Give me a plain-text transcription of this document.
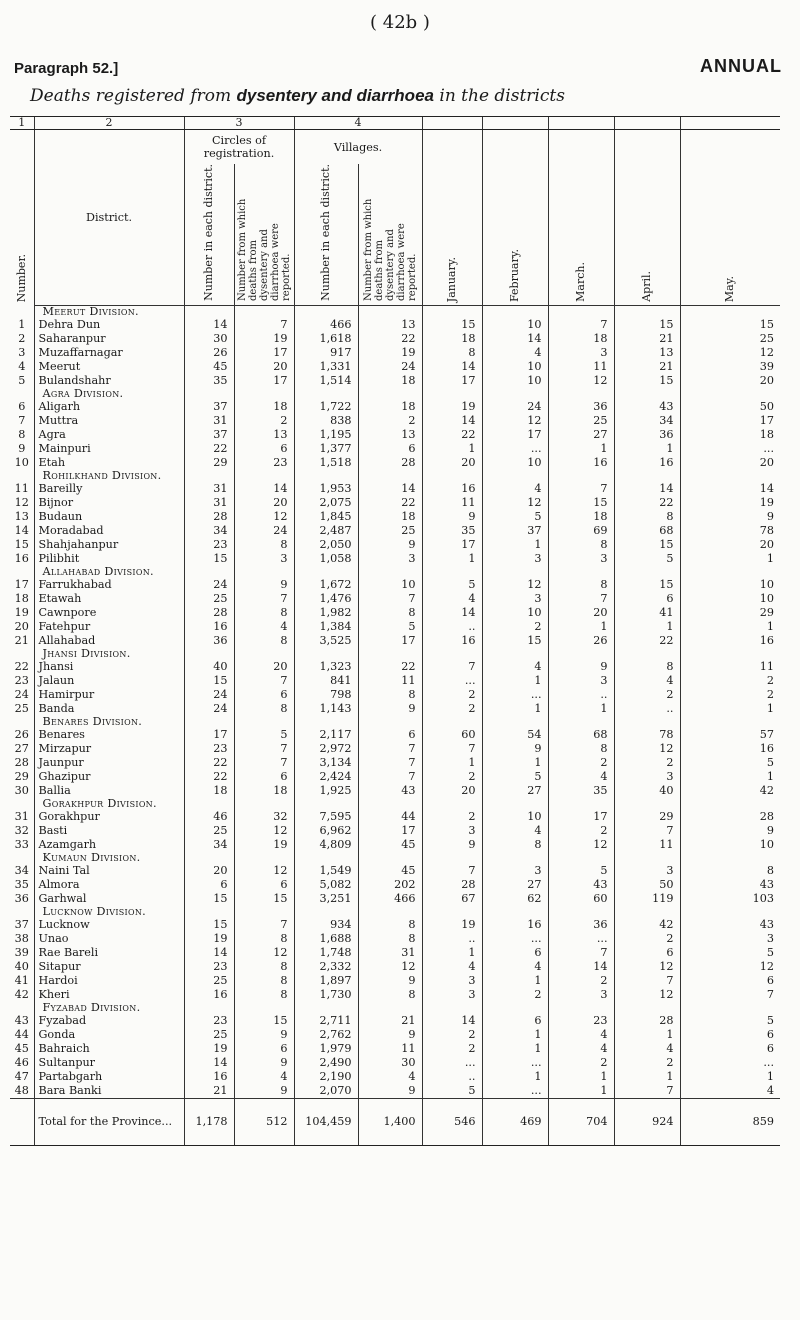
( 42b )
Paragraph 52.]	ANNUAL
Deaths registered from dysentery and diarrhoea in the districts
1	2	3		4						
Number.	District.	Circles of registration.		Villages.		January.	February.	March.	April.	May.
		Number in each district.	Number from which deaths from dysentery and diarrhoea were reported.	Number in each district.	Number from which deaths from dysentery and diarrhoea were reported.					
	Meerut Division.									
1	Dehra Dun	14	7	466	13	15	10	7	15	15
2	Saharanpur	30	19	1,618	22	18	14	18	21	25
3	Muzaffarnagar	26	17	917	19	8	4	3	13	12
4	Meerut	45	20	1,331	24	14	10	11	21	39
5	Bulandshahr	35	17	1,514	18	17	10	12	15	20
	Agra Division.									
6	Aligarh	37	18	1,722	18	19	24	36	43	50
7	Muttra	31	2	838	2	14	12	25	34	17
8	Agra	37	13	1,195	13	22	17	27	36	18
9	Mainpuri	22	6	1,377	6	1	...	1	1	...
10	Etah	29	23	1,518	28	20	10	16	16	20
	Rohilkhand Division.									
11	Bareilly	31	14	1,953	14	16	4	7	14	14
12	Bijnor	31	20	2,075	22	11	12	15	22	19
13	Budaun	28	12	1,845	18	9	5	18	8	9
14	Moradabad	34	24	2,487	25	35	37	69	68	78
15	Shahjahanpur	23	8	2,050	9	17	1	8	15	20
16	Pilibhit	15	3	1,058	3	1	3	3	5	1
	Allahabad Division.									
17	Farrukhabad	24	9	1,672	10	5	12	8	15	10
18	Etawah	25	7	1,476	7	4	3	7	6	10
19	Cawnpore	28	8	1,982	8	14	10	20	41	29
20	Fatehpur	16	4	1,384	5	..	2	1	1	1
21	Allahabad	36	8	3,525	17	16	15	26	22	16
	Jhansi Division.									
22	Jhansi	40	20	1,323	22	7	4	9	8	11
23	Jalaun	15	7	841	11	...	1	3	4	2
24	Hamirpur	24	6	798	8	2	...	..	2	2
25	Banda	24	8	1,143	9	2	1	1	..	1
	Benares Division.									
26	Benares	17	5	2,117	6	60	54	68	78	57
27	Mirzapur	23	7	2,972	7	7	9	8	12	16
28	Jaunpur	22	7	3,134	7	1	1	2	2	5
29	Ghazipur	22	6	2,424	7	2	5	4	3	1
30	Ballia	18	18	1,925	43	20	27	35	40	42
	Gorakhpur Division.									
31	Gorakhpur	46	32	7,595	44	2	10	17	29	28
32	Basti	25	12	6,962	17	3	4	2	7	9
33	Azamgarh	34	19	4,809	45	9	8	12	11	10
	Kumaun Division.									
34	Naini Tal	20	12	1,549	45	7	3	5	3	8
35	Almora	6	6	5,082	202	28	27	43	50	43
36	Garhwal	15	15	3,251	466	67	62	60	119	103
	Lucknow Division.									
37	Lucknow	15	7	934	8	19	16	36	42	43
38	Unao	19	8	1,688	8	..	...	...	2	3
39	Rae Bareli	14	12	1,748	31	1	6	7	6	5
40	Sitapur	23	8	2,332	12	4	4	14	12	12
41	Hardoi	25	8	1,897	9	3	1	2	7	6
42	Kheri	16	8	1,730	8	3	2	3	12	7
	Fyzabad Division.									
43	Fyzabad	23	15	2,711	21	14	6	23	28	5
44	Gonda	25	9	2,762	9	2	1	4	1	6
45	Bahraich	19	6	1,979	11	2	1	4	4	6
46	Sultanpur	14	9	2,490	30	...	...	2	2	...
47	Partabgarh	16	4	2,190	4	..	1	1	1	1
48	Bara Banki	21	9	2,070	9	5	...	1	7	4
	Total for the Province...	1,178	512	104,459	1,400	546	469	704	924	859
